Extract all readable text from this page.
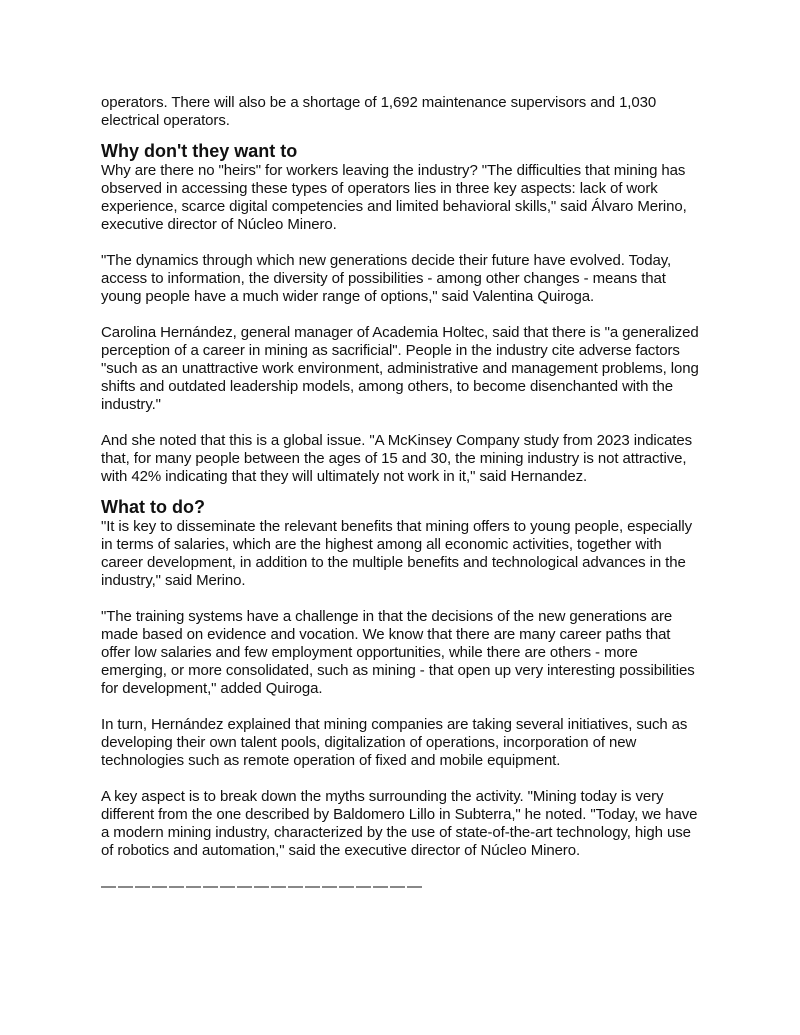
operators. There will also be a shortage of 1,692 maintenance supervisors and 1,030 electrical operators.

Why don't they want to

Why are there no "heirs" for workers leaving the industry? "The difficulties that mining has observed in accessing these types of operators lies in three key aspects: lack of work experience, scarce digital competencies and limited behavioral skills," said Álvaro Merino, executive director of Núcleo Minero.

"The dynamics through which new generations decide their future have evolved. Today, access to information, the diversity of possibilities - among other changes - means that young people have a much wider range of options," said Valentina Quiroga.

Carolina Hernández, general manager of Academia Holtec, said that there is "a generalized perception of a career in mining as sacrificial". People in the industry cite adverse factors "such as an unattractive work environment, administrative and management problems, long shifts and outdated leadership models, among others, to become disenchanted with the industry."

And she noted that this is a global issue. "A McKinsey Company study from 2023 indicates that, for many people between the ages of 15 and 30, the mining industry is not attractive, with 42% indicating that they will ultimately not work in it," said Hernandez.

What to do?

"It is key to disseminate the relevant benefits that mining offers to young people, especially in terms of salaries, which are the highest among all economic activities, together with career development, in addition to the multiple benefits and technological advances in the industry," said Merino.

"The training systems have a challenge in that the decisions of the new generations are made based on evidence and vocation. We know that there are many career paths that offer low salaries and few employment opportunities, while there are others - more emerging, or more consolidated, such as mining - that open up very interesting possibilities for development," added Quiroga.

In turn, Hernández explained that mining companies are taking several initiatives, such as developing their own talent pools, digitalization of operations, incorporation of new technologies such as remote operation of fixed and mobile equipment.

A key aspect is to break down the myths surrounding the activity. "Mining today is very different from the one described by Baldomero Lillo in Subterra," he noted. "Today, we have a modern mining industry, characterized by the use of state-of-the-art technology, high use of robotics and automation," said the executive director of Núcleo Minero.

———————————————————
